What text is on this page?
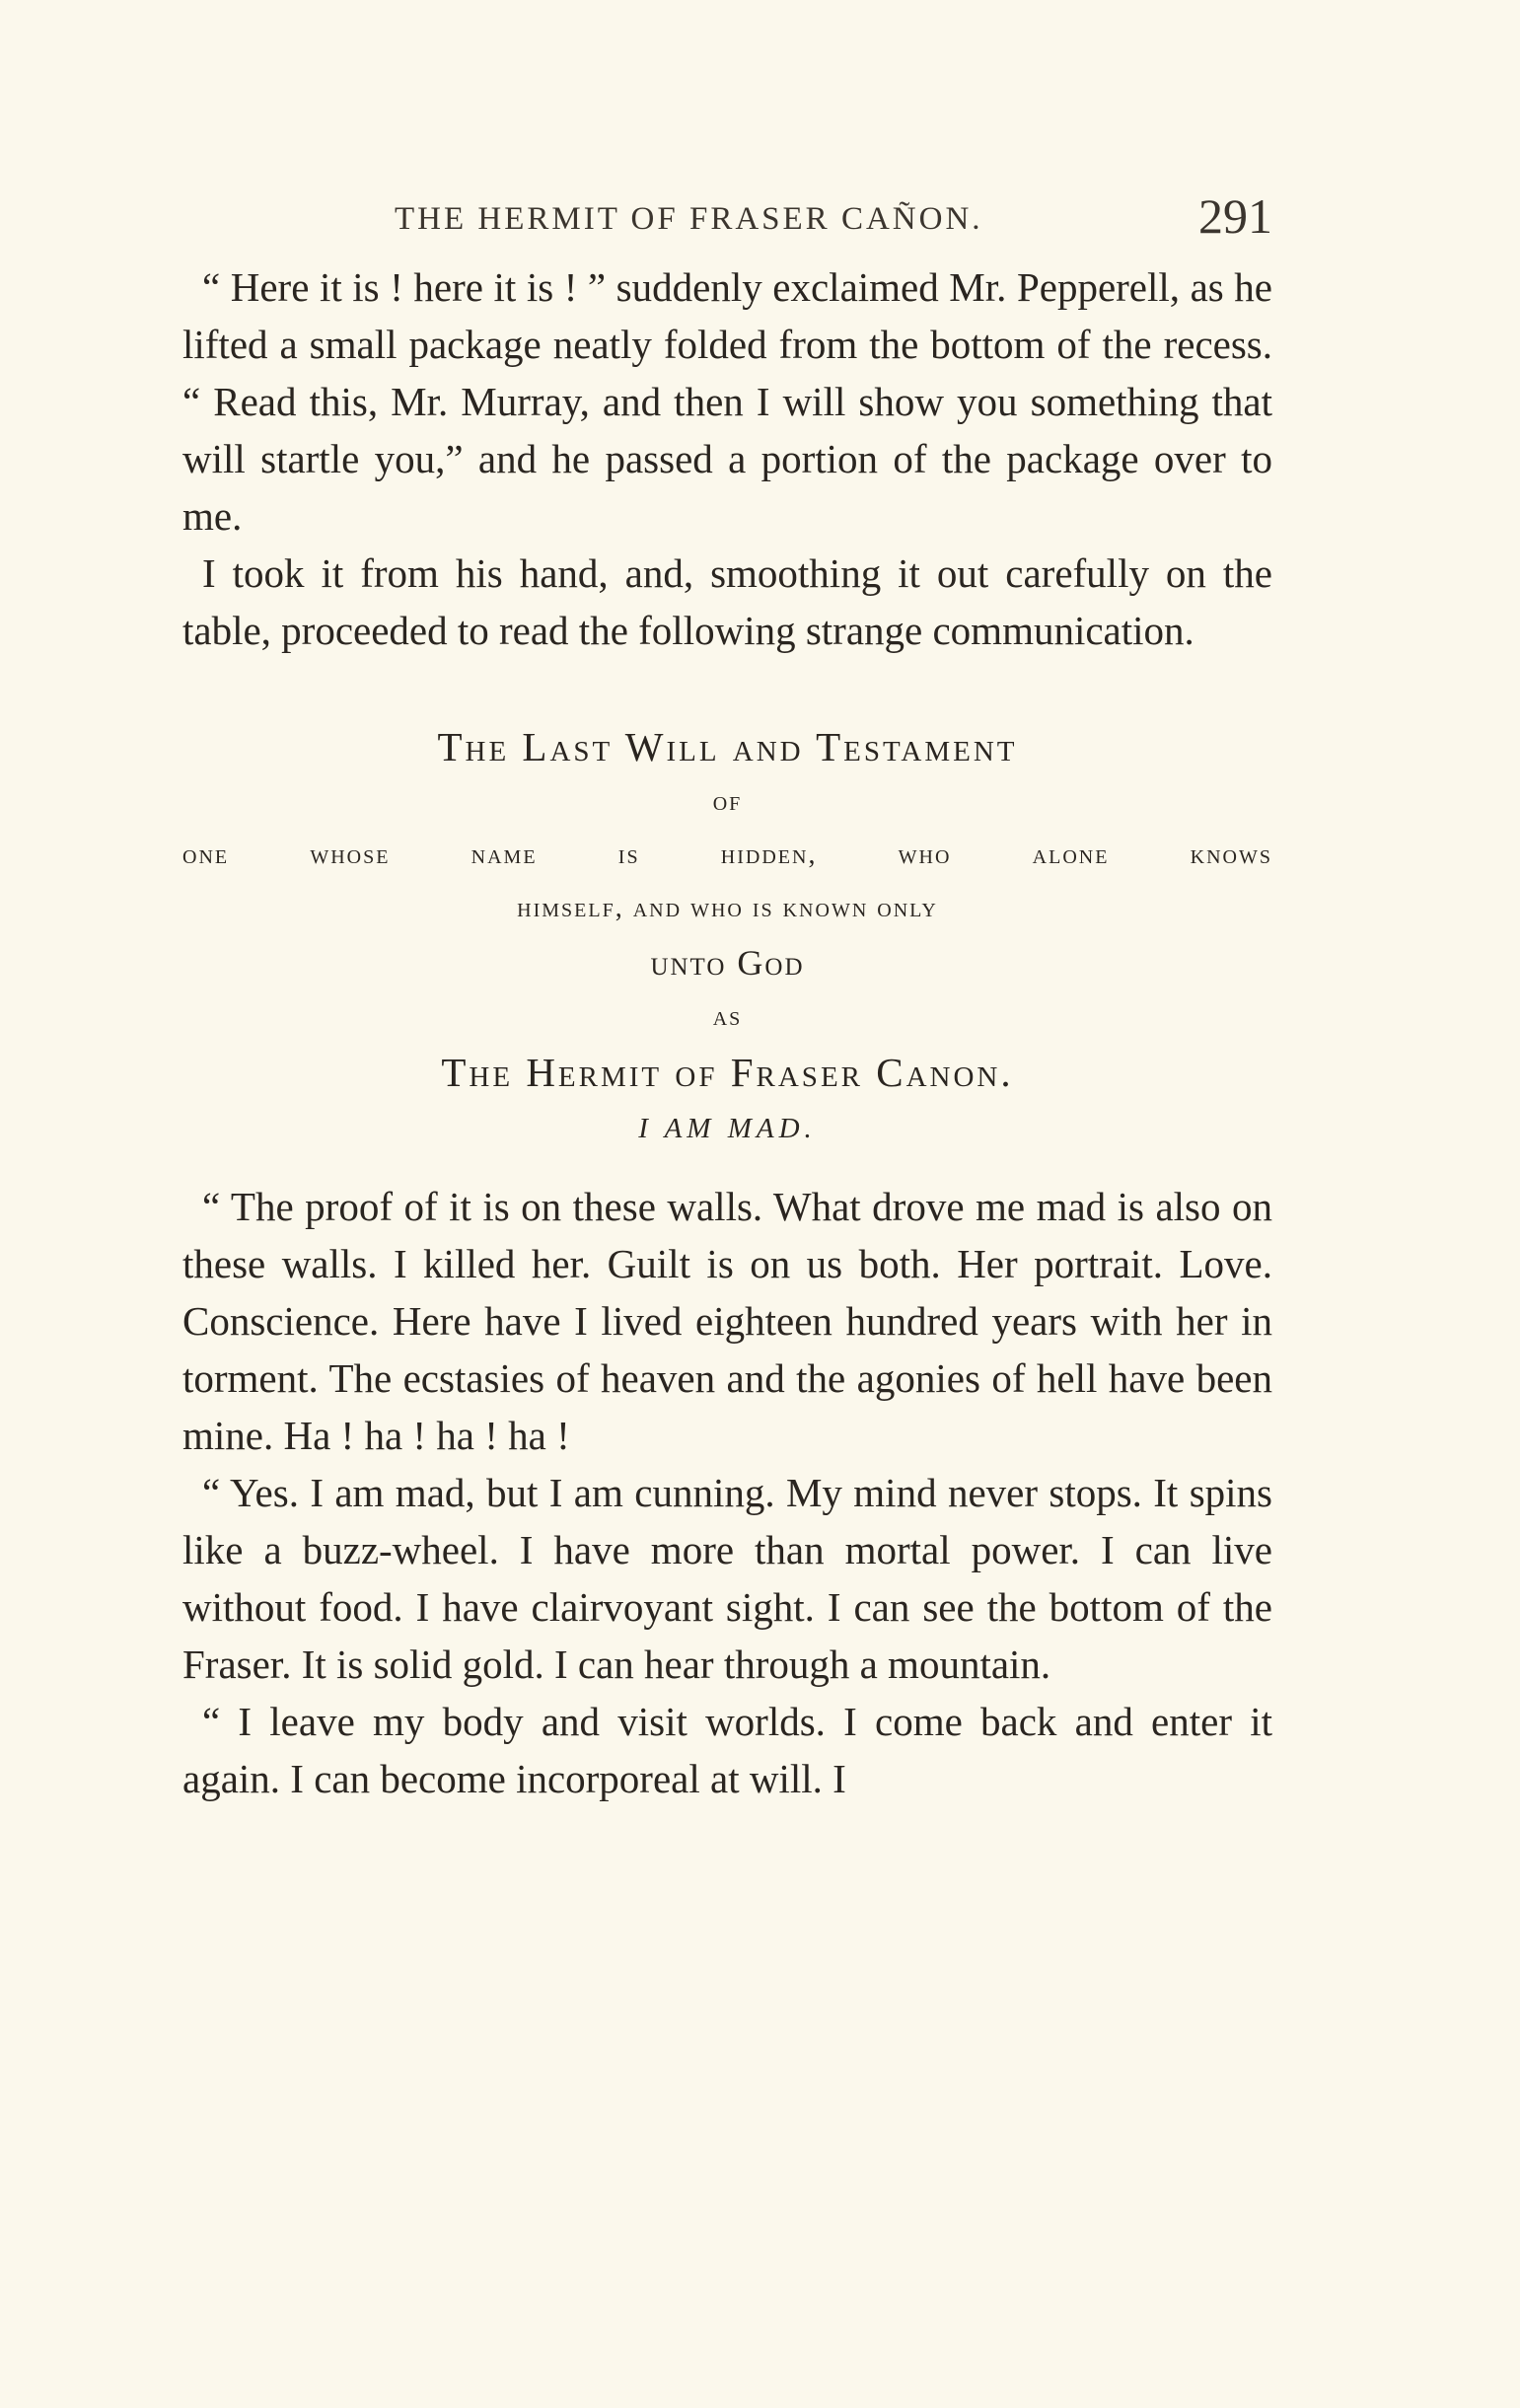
THE HERMIT OF FRASER CAÑON.	291

“ Here it is ! here it is ! ” suddenly exclaimed Mr. Pepperell, as he lifted a small package neatly folded from the bottom of the recess. “ Read this, Mr. Murray, and then I will show you something that will startle you,” and he passed a portion of the package over to me.

I took it from his hand, and, smoothing it out carefully on the table, proceeded to read the following strange communication.

The Last Will and Testament

of

one whose name is hidden, who alone knows

himself, and who is known only

unto God

as

The Hermit of Fraser Canon.

I AM MAD.

“ The proof of it is on these walls. What drove me mad is also on these walls. I killed her. Guilt is on us both. Her portrait. Love. Conscience. Here have I lived eighteen hundred years with her in torment. The ecstasies of heaven and the agonies of hell have been mine. Ha ! ha ! ha ! ha !

“ Yes. I am mad, but I am cunning. My mind never stops. It spins like a buzz-wheel. I have more than mortal power. I can live without food. I have clairvoyant sight. I can see the bottom of the Fraser. It is solid gold. I can hear through a mountain.

“ I leave my body and visit worlds. I come back and enter it again. I can become incorporeal at will. I
